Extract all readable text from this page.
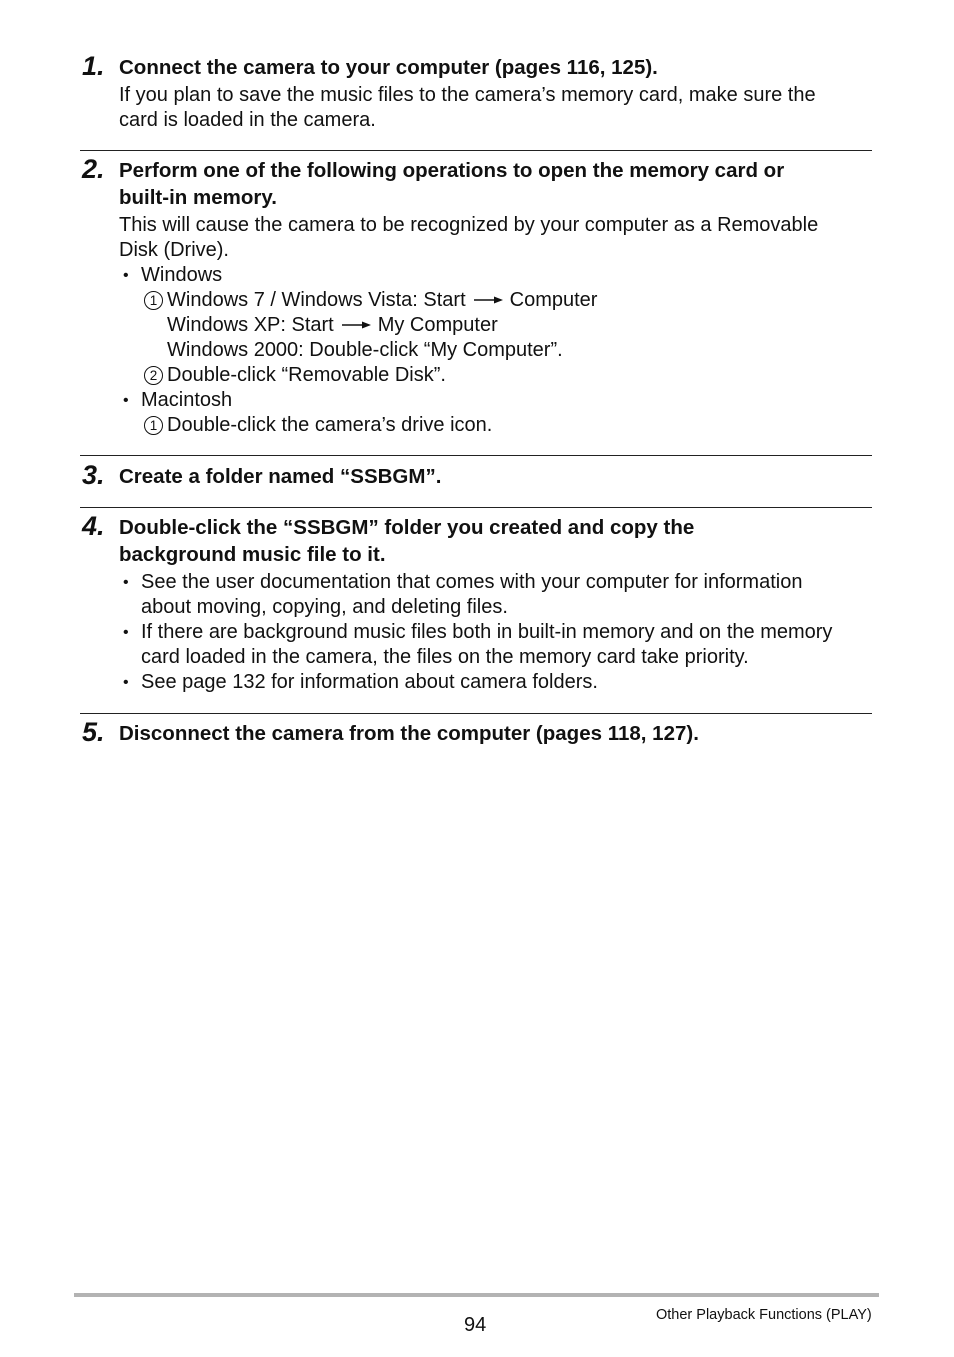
1. Connect the camera to your computer (pages 116, 125).
If you plan to save the music files to the camera’s memory card, make sure the
card is loaded in the camera.
2. Perform one of the following operations to open the memory card or
built-in memory.
This will cause the camera to be recognized by your computer as a Removable
Disk (Drive).
• Windows
1 Windows 7 / Windows Vista: Start Computer
Windows XP: Start My Computer
Windows 2000: Double-click “My Computer”.
2 Double-click “Removable Disk”.
• Macintosh
1 Double-click the camera’s drive icon.
3. Create a folder named “SSBGM”.
4. Double-click the “SSBGM” folder you created and copy the
background music file to it.
• See the user documentation that comes with your computer for information
about moving, copying, and deleting files.
• If there are background music files both in built-in memory and on the memory
card loaded in the camera, the files on the memory card take priority.
• See page 132 for information about camera folders.
5. Disconnect the camera from the computer (pages 118, 127).
94	Other Playback Functions (PLAY)
